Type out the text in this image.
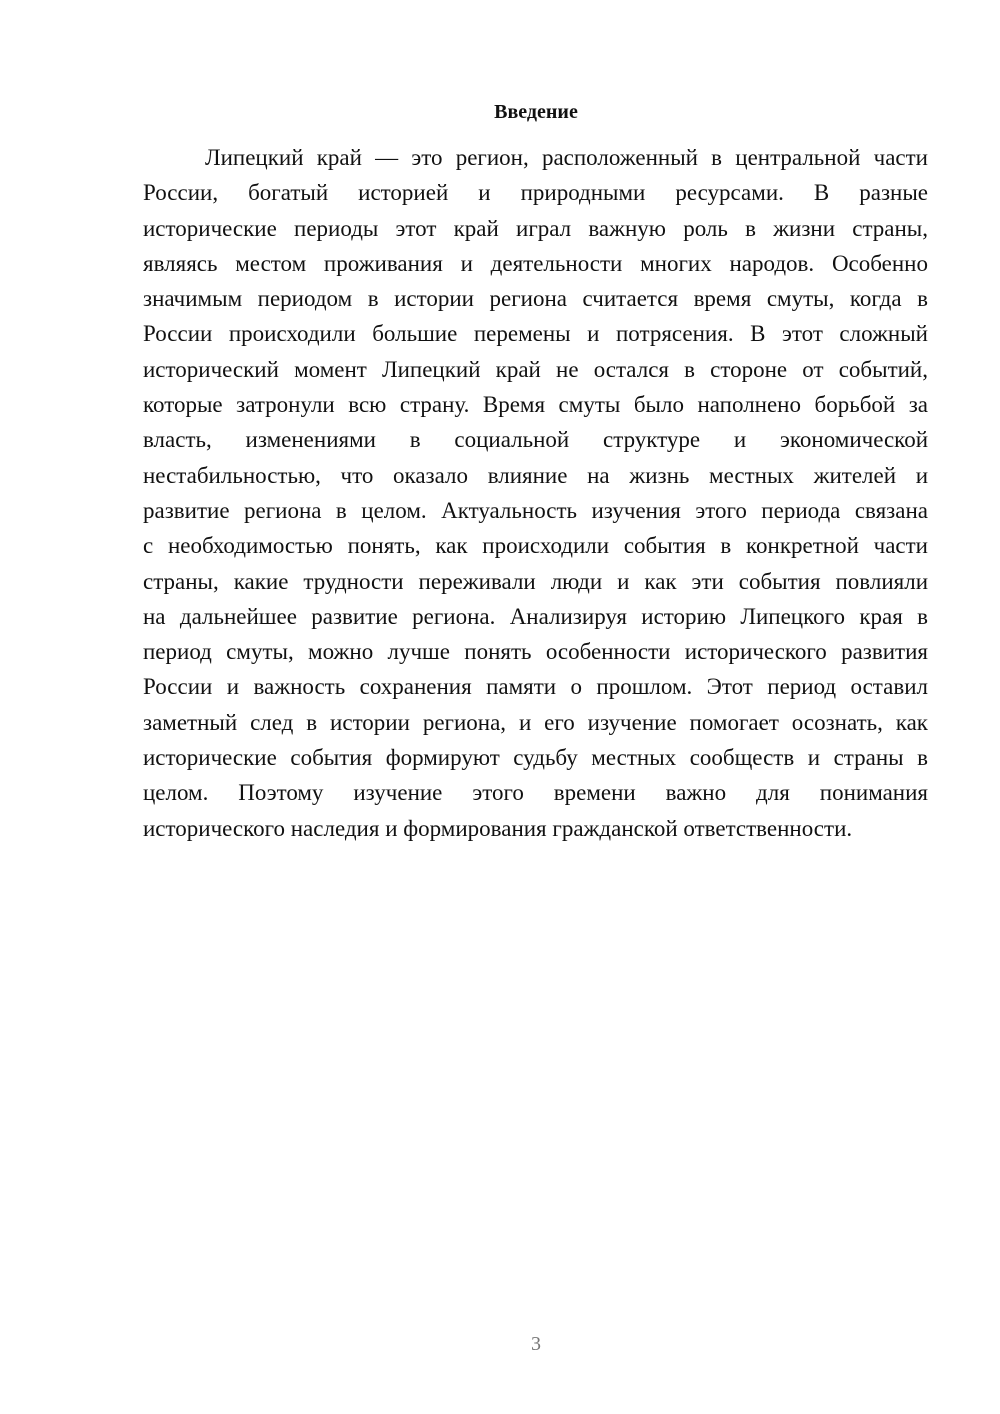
Введение
Липецкий край — это регион, расположенный в центральной части
России, богатый историей и природными ресурсами. В разные
исторические периоды этот край играл важную роль в жизни страны,
являясь местом проживания и деятельности многих народов. Особенно
значимым периодом в истории региона считается время смуты, когда в
России происходили большие перемены и потрясения. В этот сложный
исторический момент Липецкий край не остался в стороне от событий,
которые затронули всю страну. Время смуты было наполнено борьбой за
власть, изменениями в социальной структуре и экономической
нестабильностью, что оказало влияние на жизнь местных жителей и
развитие региона в целом. Актуальность изучения этого периода связана
с необходимостью понять, как происходили события в конкретной части
страны, какие трудности переживали люди и как эти события повлияли
на дальнейшее развитие региона. Анализируя историю Липецкого края в
период смуты, можно лучше понять особенности исторического развития
России и важность сохранения памяти о прошлом. Этот период оставил
заметный след в истории региона, и его изучение помогает осознать, как
исторические события формируют судьбу местных сообществ и страны в
целом. Поэтому изучение этого времени важно для понимания
исторического наследия и формирования гражданской ответственности.
3
